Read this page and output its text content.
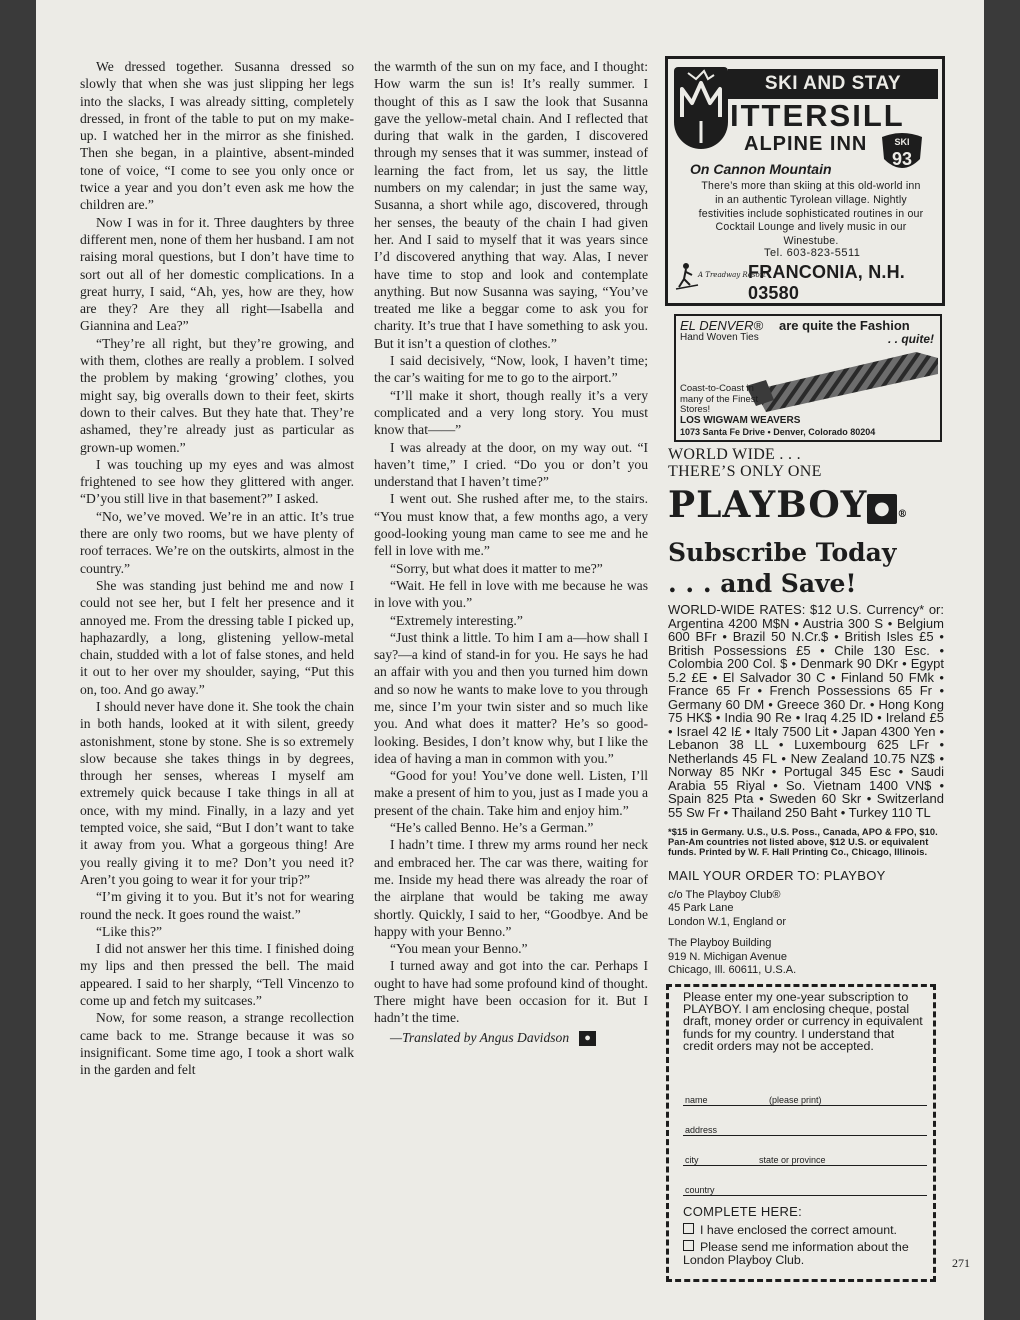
We dressed together. Susanna dressed so slowly that when she was just slipping her legs into the slacks, I was already sitting, completely dressed, in front of the table to put on my make-up. I watched her in the mirror as she finished. Then she began, in a plaintive, absent-minded tone of voice, “I come to see you only once or twice a year and you don’t even ask me how the children are.”

Now I was in for it. Three daughters by three different men, none of them her husband. I am not raising moral questions, but I don’t have time to sort out all of her domestic complications. In a great hurry, I said, “Ah, yes, how are they, how are they? Are they all right—Isabella and Giannina and Lea?”

“They’re all right, but they’re growing, and with them, clothes are really a problem. I solved the problem by making ‘growing’ clothes, you might say, big overalls down to their feet, skirts down to their calves. But they hate that. They’re ashamed, they’re already just as particular as grown-up women.”

I was touching up my eyes and was almost frightened to see how they glittered with anger. “D’you still live in that basement?” I asked.

“No, we’ve moved. We’re in an attic. It’s true there are only two rooms, but we have plenty of roof terraces. We’re on the outskirts, almost in the country.”

She was standing just behind me and now I could not see her, but I felt her presence and it annoyed me. From the dressing table I picked up, haphazardly, a long, glistening yellow-metal chain, studded with a lot of false stones, and held it out to her over my shoulder, saying, “Put this on, too. And go away.”

I should never have done it. She took the chain in both hands, looked at it with silent, greedy astonishment, stone by stone. She is so extremely slow because she takes things in by degrees, through her senses, whereas I myself am extremely quick because I take things in all at once, with my mind. Finally, in a lazy and yet tempted voice, she said, “But I don’t want to take it away from you. What a gorgeous thing! Are you really giving it to me? Don’t you need it? Aren’t you going to wear it for your trip?”

“I’m giving it to you. But it’s not for wearing round the neck. It goes round the waist.”

“Like this?”

I did not answer her this time. I finished doing my lips and then pressed the bell. The maid appeared. I said to her sharply, “Tell Vincenzo to come up and fetch my suitcases.”

Now, for some reason, a strange recollection came back to me. Strange because it was so insignificant. Some time ago, I took a short walk in the garden and felt

the warmth of the sun on my face, and I thought: How warm the sun is! It’s really summer. I thought of this as I saw the look that Susanna gave the yellow-metal chain. And I reflected that during that walk in the garden, I discovered through my senses that it was summer, instead of learning the fact from, let us say, the little numbers on my calendar; in just the same way, Susanna, a short while ago, discovered, through her senses, the beauty of the chain I had given her. And I said to myself that it was years since I’d discovered anything that way. Alas, I never have time to stop and look and contemplate anything. But now Susanna was saying, “You’ve treated me like a beggar come to ask you for charity. It’s true that I have something to ask you. But it isn’t a question of clothes.”

I said decisively, “Now, look, I haven’t time; the car’s waiting for me to go to the airport.”

“I’ll make it short, though really it’s a very complicated and a very long story. You must know that——”

I was already at the door, on my way out. “I haven’t time,” I cried. “Do you or don’t you understand that I haven’t time?”

I went out. She rushed after me, to the stairs. “You must know that, a few months ago, a very good-looking young man came to see me and he fell in love with me.”

“Sorry, but what does it matter to me?”

“Wait. He fell in love with me because he was in love with you.”

“Extremely interesting.”

“Just think a little. To him I am a—how shall I say?—a kind of stand-in for you. He says he had an affair with you and then you turned him down and so now he wants to make love to you through me, since I’m your twin sister and so much like you. And what does it matter? He’s so good-looking. Besides, I don’t know why, but I like the idea of having a man in common with you.”

“Good for you! You’ve done well. Listen, I’ll make a present of him to you, just as I made you a present of the chain. Take him and enjoy him.”

“He’s called Benno. He’s a German.”

I hadn’t time. I threw my arms round her neck and embraced her. The car was there, waiting for me. Inside my head there was already the roar of the airplane that would be taking me away shortly. Quickly, I said to her, “Goodbye. And be happy with your Benno.”

“You mean your Benno.”

I turned away and got into the car. Perhaps I ought to have had some profound kind of thought. There might have been occasion for it. But I hadn’t the time.

—Translated by Angus Davidson ●

SKI AND STAY
ITTERSILL
ALPINE INN	SKI
93
On Cannon Mountain
There’s more than skiing at this old-world inn in an authentic Tyrolean village. Nightly festivities include sophisticated routines in our Cocktail Lounge and lively music in our Winestube.
Tel. 603-823-5511
A Treadway Resort
FRANCONIA, N.H. 03580
EL DENVER® are quite the Fashion
Hand Woven Ties	. . quite!
Coast-to-Coast in many of the Finest Stores!
LOS WIGWAM WEAVERS
1073 Santa Fe Drive • Denver, Colorado 80204
WORLD WIDE . . .
THERE’S ONLY ONE
PLAYBOY ● ®
Subscribe Today
. . . and Save!
WORLD-WIDE RATES: $12 U.S. Currency* or: Argentina 4200 M$N • Austria 300 S • Belgium 600 BFr • Brazil 50 N.Cr.$ • British Isles £5 • British Possessions £5 • Chile 130 Esc. • Colombia 200 Col. $ • Denmark 90 DKr • Egypt 5.2 £E • El Salvador 30 C • Finland 50 FMk • France 65 Fr • French Possessions 65 Fr • Germany 60 DM • Greece 360 Dr. • Hong Kong 75 HK$ • India 90 Re • Iraq 4.25 ID • Ireland £5 • Israel 42 I£ • Italy 7500 Lit • Japan 4300 Yen • Lebanon 38 LL • Luxembourg 625 LFr • Netherlands 45 FL • New Zealand 10.75 NZ$ • Norway 85 NKr • Portugal 345 Esc • Saudi Arabia 55 Riyal • So. Vietnam 1400 VN$ • Spain 825 Pta • Sweden 60 Skr • Switzerland 55 Sw Fr • Thailand 250 Baht • Turkey 110 TL
*$15 in Germany. U.S., U.S. Poss., Canada, APO & FPO, $10. Pan-Am countries not listed above, $12 U.S. or equivalent funds. Printed by W. F. Hall Printing Co., Chicago, Illinois.
MAIL YOUR ORDER TO: PLAYBOY
c/o The Playboy Club®
45 Park Lane
London W.1, England or
The Playboy Building
919 N. Michigan Avenue
Chicago, Ill. 60611, U.S.A.
Please enter my one-year subscription to PLAYBOY. I am enclosing cheque, postal draft, money order or currency in equivalent funds for my country. I understand that credit orders may not be accepted.
name	(please print)
address
city	state or province
country
COMPLETE HERE:
I have enclosed the correct amount.
Please send me information about the London Playboy Club.	271
